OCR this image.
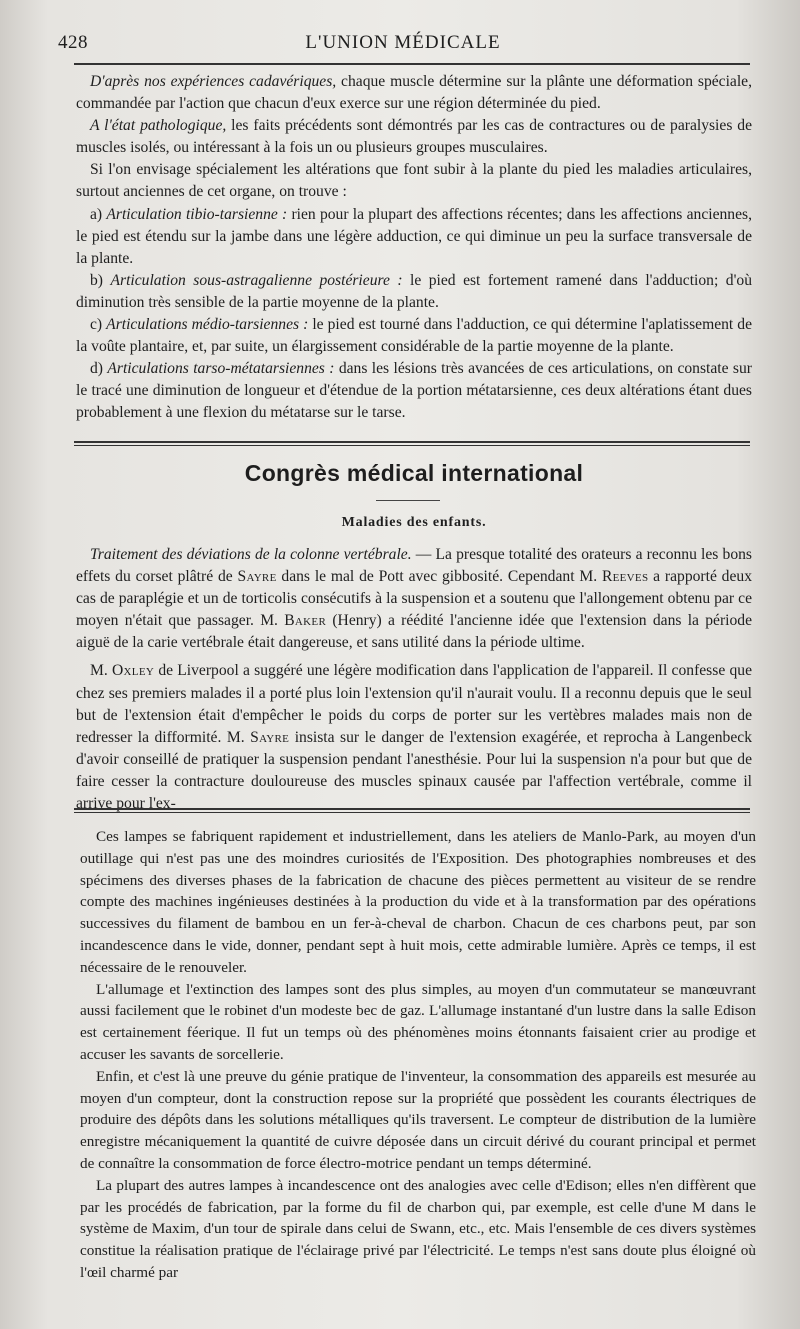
428	L'UNION MÉDICALE

D'après nos expériences cadavériques, chaque muscle détermine sur la plânte une déformation spéciale, commandée par l'action que chacun d'eux exerce sur une région déterminée du pied.

A l'état pathologique, les faits précédents sont démontrés par les cas de contractures ou de paralysies de muscles isolés, ou intéressant à la fois un ou plusieurs groupes musculaires.

Si l'on envisage spécialement les altérations que font subir à la plante du pied les maladies articulaires, surtout anciennes de cet organe, on trouve :

a) Articulation tibio-tarsienne : rien pour la plupart des affections récentes; dans les affections anciennes, le pied est étendu sur la jambe dans une légère adduction, ce qui diminue un peu la surface transversale de la plante.

b) Articulation sous-astragalienne postérieure : le pied est fortement ramené dans l'adduction; d'où diminution très sensible de la partie moyenne de la plante.

c) Articulations médio-tarsiennes : le pied est tourné dans l'adduction, ce qui détermine l'aplatissement de la voûte plantaire, et, par suite, un élargissement considérable de la partie moyenne de la plante.

d) Articulations tarso-métatarsiennes : dans les lésions très avancées de ces articulations, on constate sur le tracé une diminution de longueur et d'étendue de la portion métatarsienne, ces deux altérations étant dues probablement à une flexion du métatarse sur le tarse.

Congrès médical international
Maladies des enfants.

Traitement des déviations de la colonne vertébrale. — La presque totalité des orateurs a reconnu les bons effets du corset plâtré de Sayre dans le mal de Pott avec gibbosité. Cependant M. Reeves a rapporté deux cas de paraplégie et un de torticolis consécutifs à la suspension et a soutenu que l'allongement obtenu par ce moyen n'était que passager. M. Baker (Henry) a réédité l'ancienne idée que l'extension dans la période aiguë de la carie vertébrale était dangereuse, et sans utilité dans la période ultime.

M. Oxley de Liverpool a suggéré une légère modification dans l'application de l'appareil. Il confesse que chez ses premiers malades il a porté plus loin l'extension qu'il n'aurait voulu. Il a reconnu depuis que le seul but de l'extension était d'empêcher le poids du corps de porter sur les vertèbres malades mais non de redresser la difformité. M. Sayre insista sur le danger de l'extension exagérée, et reprocha à Langenbeck d'avoir conseillé de pratiquer la suspension pendant l'anesthésie. Pour lui la suspension n'a pour but que de faire cesser la contracture douloureuse des muscles spinaux causée par l'affection vertébrale, comme il arrive pour l'ex-

Ces lampes se fabriquent rapidement et industriellement, dans les ateliers de Manlo-Park, au moyen d'un outillage qui n'est pas une des moindres curiosités de l'Exposition. Des photographies nombreuses et des spécimens des diverses phases de la fabrication de chacune des pièces permettent au visiteur de se rendre compte des machines ingénieuses destinées à la production du vide et à la transformation par des opérations successives du filament de bambou en un fer-à-cheval de charbon. Chacun de ces charbons peut, par son incandescence dans le vide, donner, pendant sept à huit mois, cette admirable lumière. Après ce temps, il est nécessaire de le renouveler.

L'allumage et l'extinction des lampes sont des plus simples, au moyen d'un commutateur se manœuvrant aussi facilement que le robinet d'un modeste bec de gaz. L'allumage instantané d'un lustre dans la salle Edison est certainement féerique. Il fut un temps où des phénomènes moins étonnants faisaient crier au prodige et accuser les savants de sorcellerie.

Enfin, et c'est là une preuve du génie pratique de l'inventeur, la consommation des appareils est mesurée au moyen d'un compteur, dont la construction repose sur la propriété que possèdent les courants électriques de produire des dépôts dans les solutions métalliques qu'ils traversent. Le compteur de distribution de la lumière enregistre mécaniquement la quantité de cuivre déposée dans un circuit dérivé du courant principal et permet de connaître la consommation de force électro-motrice pendant un temps déterminé.

La plupart des autres lampes à incandescence ont des analogies avec celle d'Edison; elles n'en diffèrent que par les procédés de fabrication, par la forme du fil de charbon qui, par exemple, est celle d'une M dans le système de Maxim, d'un tour de spirale dans celui de Swann, etc., etc. Mais l'ensemble de ces divers systèmes constitue la réalisation pratique de l'éclairage privé par l'électricité. Le temps n'est sans doute plus éloigné où l'œil charmé par
